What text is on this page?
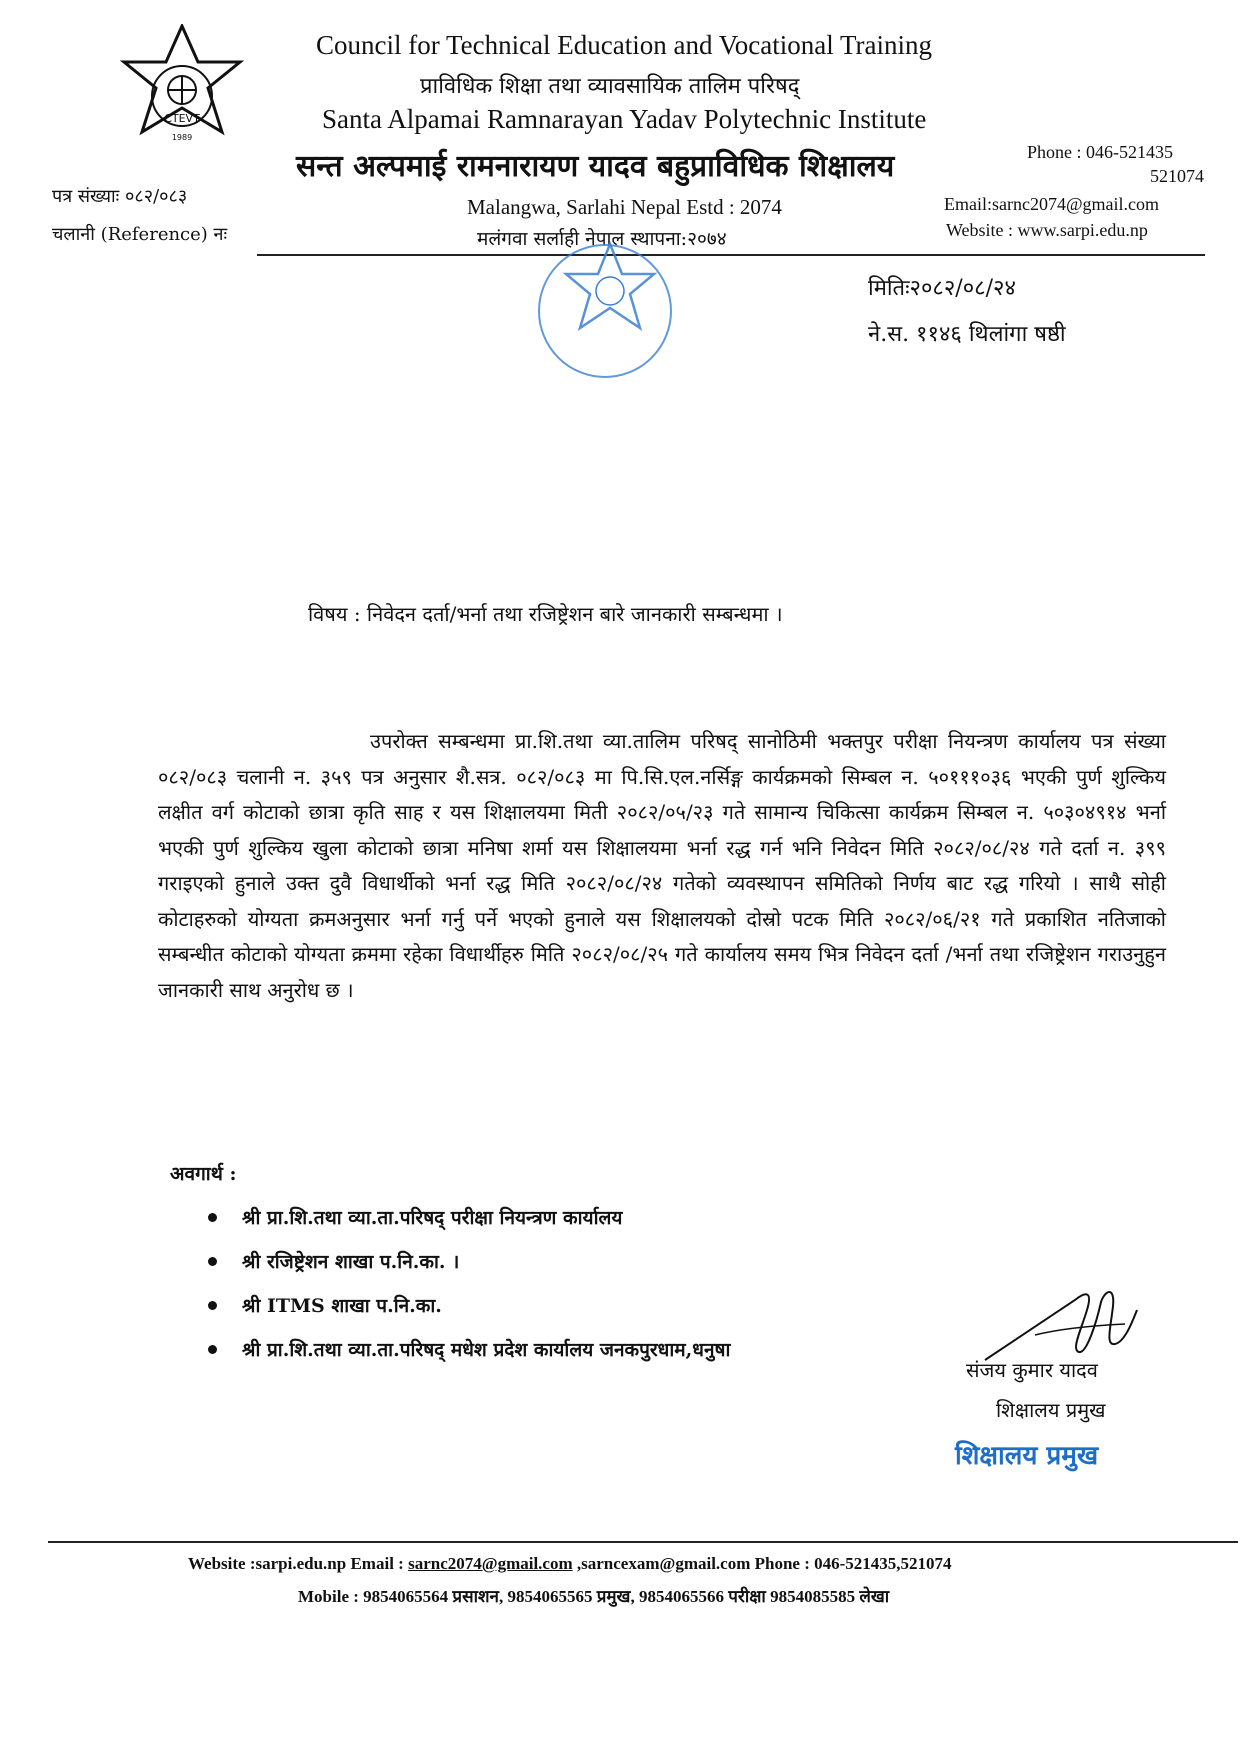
CTEVT
1989
Council for Technical Education and Vocational Training
प्राविधिक शिक्षा तथा व्यावसायिक तालिम परिषद्
Santa Alpamai Ramnarayan Yadav Polytechnic Institute
सन्त अल्पमाई रामनारायण यादव बहुप्राविधिक शिक्षालय	Phone : 046-521435
521074
Email:sarnc2074@gmail.com
Website : www.sarpi.edu.np
Malangwa, Sarlahi Nepal Estd : 2074
मलंगवा सर्लाही नेपाल स्थापना:२०७४
पत्र संख्याः ०८२/०८३
चलानी (Reference) नः
मितिः२०८२/०८/२४
ने.स. ११४६ थिलांगा षष्ठी
विषय : निवेदन दर्ता/भर्ना तथा रजिष्ट्रेशन बारे जानकारी सम्बन्धमा ।
उपरोक्त सम्बन्धमा प्रा.शि.तथा व्या.तालिम परिषद् सानोठिमी भक्तपुर परीक्षा नियन्त्रण कार्यालय पत्र संख्या ०८२/०८३ चलानी न. ३५९ पत्र अनुसार शै.सत्र. ०८२/०८३ मा पि.सि.एल.नर्सिङ्ग कार्यक्रमको सिम्बल न. ५०१११०३६ भएकी पुर्ण शुल्किय लक्षीत वर्ग कोटाको छात्रा कृति साह र यस शिक्षालयमा मिती २०८२/०५/२३ गते सामान्य चिकित्सा कार्यक्रम सिम्बल न. ५०३०४९१४ भर्ना भएकी पुर्ण शुल्किय खुला कोटाको छात्रा मनिषा शर्मा यस शिक्षालयमा भर्ना रद्ध गर्न भनि निवेदन मिति २०८२/०८/२४ गते दर्ता न. ३९९ गराइएको हुनाले उक्त दुवै विधार्थीको भर्ना रद्ध मिति २०८२/०८/२४ गतेको व्यवस्थापन समितिको निर्णय बाट रद्ध गरियो । साथै सोही कोटाहरुको योग्यता क्रमअनुसार भर्ना गर्नु पर्ने भएको हुनाले यस शिक्षालयको दोस्रो पटक मिति २०८२/०६/२१ गते प्रकाशित नतिजाको सम्बन्धीत कोटाको योग्यता क्रममा रहेका विधार्थीहरु मिति २०८२/०८/२५ गते कार्यालय समय भित्र निवेदन दर्ता /भर्ना तथा रजिष्ट्रेशन गराउनुहुन जानकारी साथ अनुरोध छ ।
अवगार्थ :
श्री प्रा.शि.तथा व्या.ता.परिषद् परीक्षा नियन्त्रण कार्यालय
श्री रजिष्ट्रेशन शाखा प.नि.का. ।
श्री ITMS शाखा प.नि.का.
श्री प्रा.शि.तथा व्या.ता.परिषद् मधेश प्रदेश कार्यालय जनकपुरधाम,धनुषा
संजय कुमार यादव
शिक्षालय प्रमुख
शिक्षालय प्रमुख
Website :sarpi.edu.np Email : sarnc2074@gmail.com ,sarncexam@gmail.com Phone : 046-521435,521074
Mobile : 9854065564 प्रसाशन, 9854065565 प्रमुख, 9854065566 परीक्षा 9854085585 लेखा
